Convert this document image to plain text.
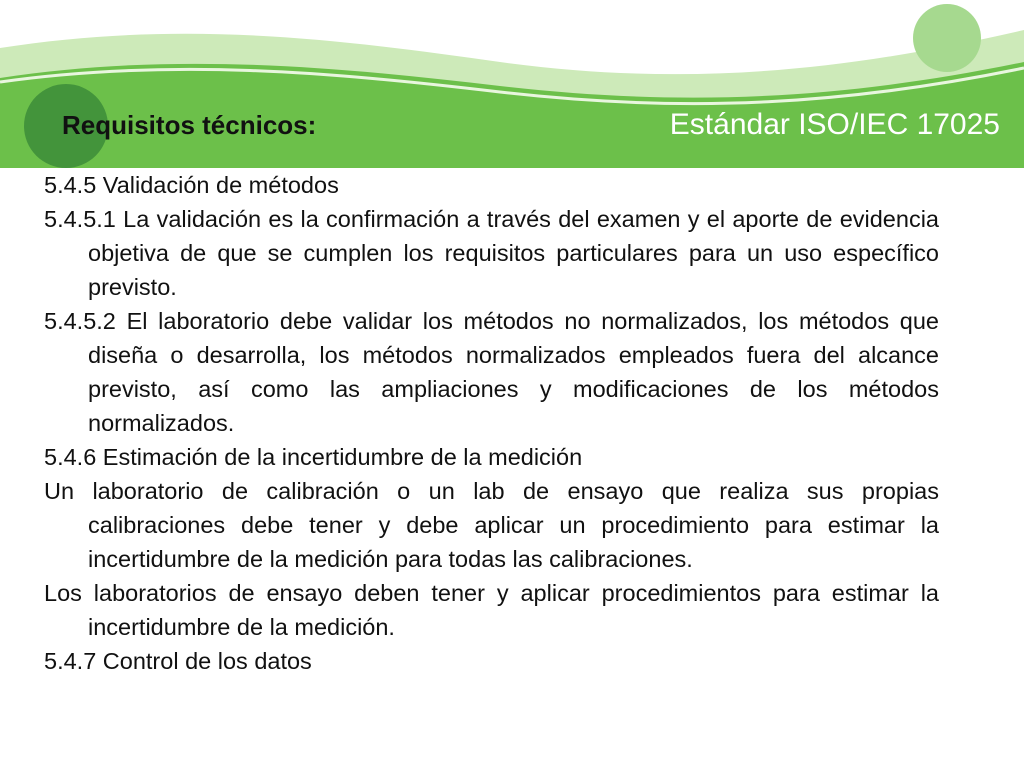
Requisitos técnicos:	Estándar ISO/IEC 17025

5.4.5 Validación de métodos

5.4.5.1 La validación es la confirmación a través del examen y el aporte de evidencia objetiva de que se cumplen los requisitos particulares para un uso específico previsto.

5.4.5.2 El laboratorio debe validar los métodos no normalizados, los métodos que diseña o desarrolla, los métodos normalizados empleados fuera del alcance previsto, así como las ampliaciones y modificaciones de los métodos normalizados.

5.4.6 Estimación de la incertidumbre de la medición

Un laboratorio de calibración o un lab de ensayo que realiza sus propias calibraciones debe tener y debe aplicar un procedimiento para estimar la incertidumbre de la medición para todas las calibraciones.

Los laboratorios de ensayo deben tener y aplicar procedimientos para estimar la incertidumbre de la medición.

5.4.7 Control de los datos
